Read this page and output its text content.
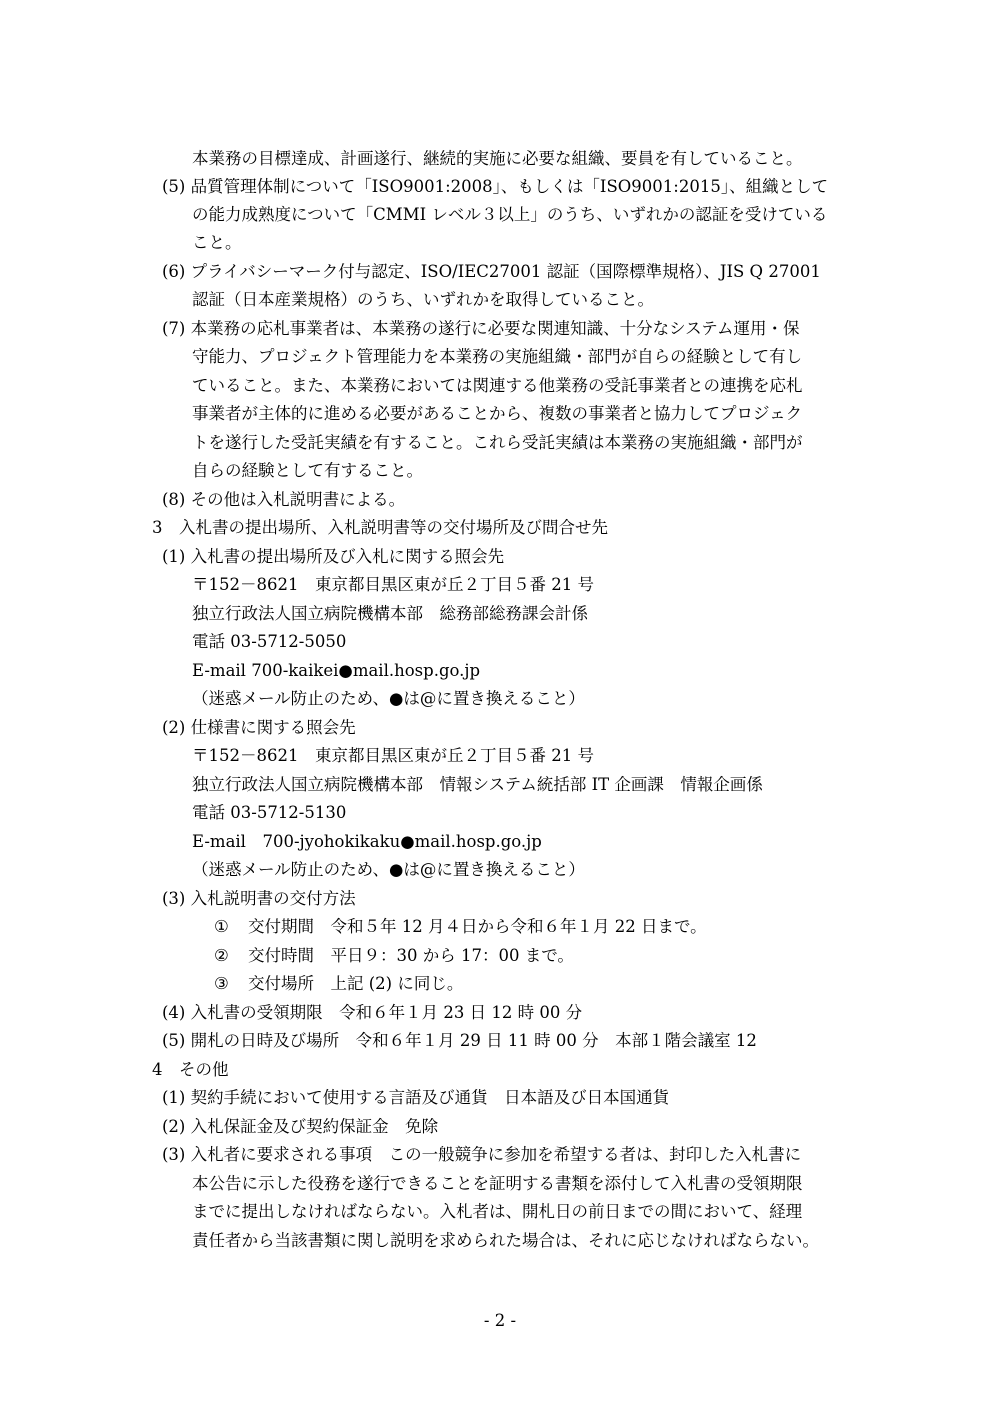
本業務の目標達成、計画遂行、継続的実施に必要な組織、要員を有していること。
(5) 品質管理体制について「ISO9001:2008」、もしくは「ISO9001:2015」、組織として
の能力成熟度について「CMMI レベル３以上」のうち、いずれかの認証を受けている
こと。
(6) プライバシーマーク付与認定、ISO/IEC27001 認証（国際標準規格）、JIS Q 27001
認証（日本産業規格）のうち、いずれかを取得していること。
(7) 本業務の応札事業者は、本業務の遂行に必要な関連知識、十分なシステム運用・保
守能力、プロジェクト管理能力を本業務の実施組織・部門が自らの経験として有し
ていること。また、本業務においては関連する他業務の受託事業者との連携を応札
事業者が主体的に進める必要があることから、複数の事業者と協力してプロジェク
トを遂行した受託実績を有すること。これら受託実績は本業務の実施組織・部門が
自らの経験として有すること。
(8) その他は入札説明書による。
3　入札書の提出場所、入札説明書等の交付場所及び問合せ先
(1) 入札書の提出場所及び入札に関する照会先
〒152－8621　東京都目黒区東が丘２丁目５番 21 号
独立行政法人国立病院機構本部　総務部総務課会計係
電話 03-5712-5050
E-mail 700-kaikei●mail.hosp.go.jp
（迷惑メール防止のため、●は@に置き換えること）
(2) 仕様書に関する照会先
〒152－8621　東京都目黒区東が丘２丁目５番 21 号
独立行政法人国立病院機構本部　情報システム統括部 IT 企画課　情報企画係
電話 03-5712-5130
E-mail　700-jyohokikaku●mail.hosp.go.jp
（迷惑メール防止のため、●は@に置き換えること）
(3) 入札説明書の交付方法
① 交付期間　令和５年 12 月４日から令和６年１月 22 日まで。
② 交付時間　平日９：30 から 17：00 まで。
③ 交付場所　上記 (2) に同じ。
(4) 入札書の受領期限　令和６年１月 23 日 12 時 00 分
(5) 開札の日時及び場所　令和６年１月 29 日 11 時 00 分　本部１階会議室 12
4　その他
(1) 契約手続において使用する言語及び通貨　日本語及び日本国通貨
(2) 入札保証金及び契約保証金　免除
(3) 入札者に要求される事項　この一般競争に参加を希望する者は、封印した入札書に
本公告に示した役務を遂行できることを証明する書類を添付して入札書の受領期限
までに提出しなければならない。入札者は、開札日の前日までの間において、経理
責任者から当該書類に関し説明を求められた場合は、それに応じなければならない。
- 2 -
